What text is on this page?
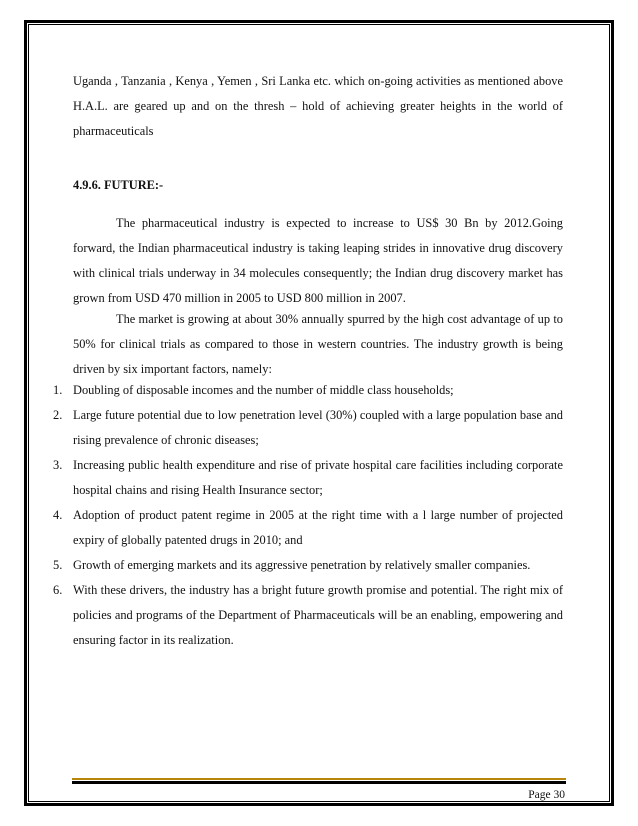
Uganda , Tanzania , Kenya , Yemen , Sri Lanka etc. which on-going activities as mentioned above H.A.L. are geared up and on the thresh – hold of achieving greater heights in the world of pharmaceuticals

4.9.6. FUTURE:-

The pharmaceutical industry is expected to increase to US$ 30 Bn by 2012.Going forward, the Indian pharmaceutical industry is taking leaping strides in innovative drug discovery with clinical trials underway in 34 molecules consequently; the Indian drug discovery market has grown from USD 470 million in 2005 to USD 800 million in 2007.

The market is growing at about 30% annually spurred by the high cost advantage of up to 50% for clinical trials as compared to those in western countries. The industry growth is being driven by six important factors, namely:

1. Doubling of disposable incomes and the number of middle class households;
2. Large future potential due to low penetration level (30%) coupled with a large population base and rising prevalence of chronic diseases;
3. Increasing public health expenditure and rise of private hospital care facilities including corporate hospital chains and rising Health Insurance sector;
4. Adoption of product patent regime in 2005 at the right time with a l large number of projected expiry of globally patented drugs in 2010; and
5. Growth of emerging markets and its aggressive penetration by relatively smaller companies.
6. With these drivers, the industry has a bright future growth promise and potential. The right mix of policies and programs of the Department of Pharmaceuticals will be an enabling, empowering and ensuring factor in its realization.
Page 30
